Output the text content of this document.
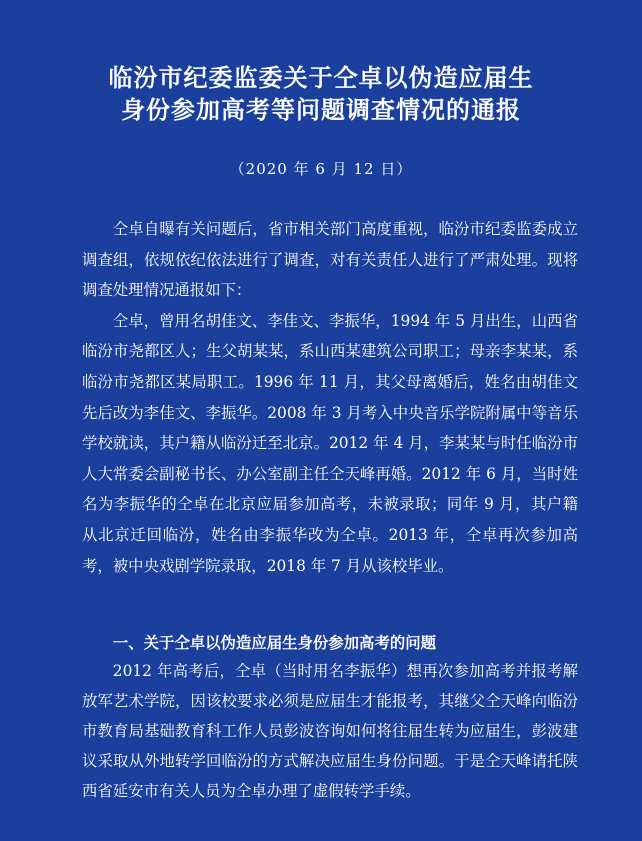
临汾市纪委监委关于仝卓以伪造应届生
身份参加高考等问题调查情况的通报
（2020 年 6 月 12 日）

仝卓自曝有关问题后，省市相关部门高度重视，临汾市纪委监委成立调查组，依规依纪依法进行了调查，对有关责任人进行了严肃处理。现将调查处理情况通报如下：

仝卓，曾用名胡佳文、李佳文、李振华，1994 年 5 月出生，山西省临汾市尧都区人；生父胡某某，系山西某建筑公司职工；母亲李某某，系临汾市尧都区某局职工。1996 年 11 月，其父母离婚后，姓名由胡佳文先后改为李佳文、李振华。2008 年 3 月考入中央音乐学院附属中等音乐学校就读，其户籍从临汾迁至北京。2012 年 4 月，李某某与时任临汾市人大常委会副秘书长、办公室副主任仝天峰再婚。2012 年 6 月，当时姓名为李振华的仝卓在北京应届参加高考，未被录取；同年 9 月，其户籍从北京迁回临汾，姓名由李振华改为仝卓。2013 年，仝卓再次参加高考，被中央戏剧学院录取，2018 年 7 月从该校毕业。

一、关于仝卓以伪造应届生身份参加高考的问题

2012 年高考后，仝卓（当时用名李振华）想再次参加高考并报考解放军艺术学院，因该校要求必须是应届生才能报考，其继父仝天峰向临汾市教育局基础教育科工作人员彭波咨询如何将往届生转为应届生，彭波建议采取从外地转学回临汾的方式解决应届生身份问题。于是仝天峰请托陕西省延安市有关人员为仝卓办理了虚假转学手续。
